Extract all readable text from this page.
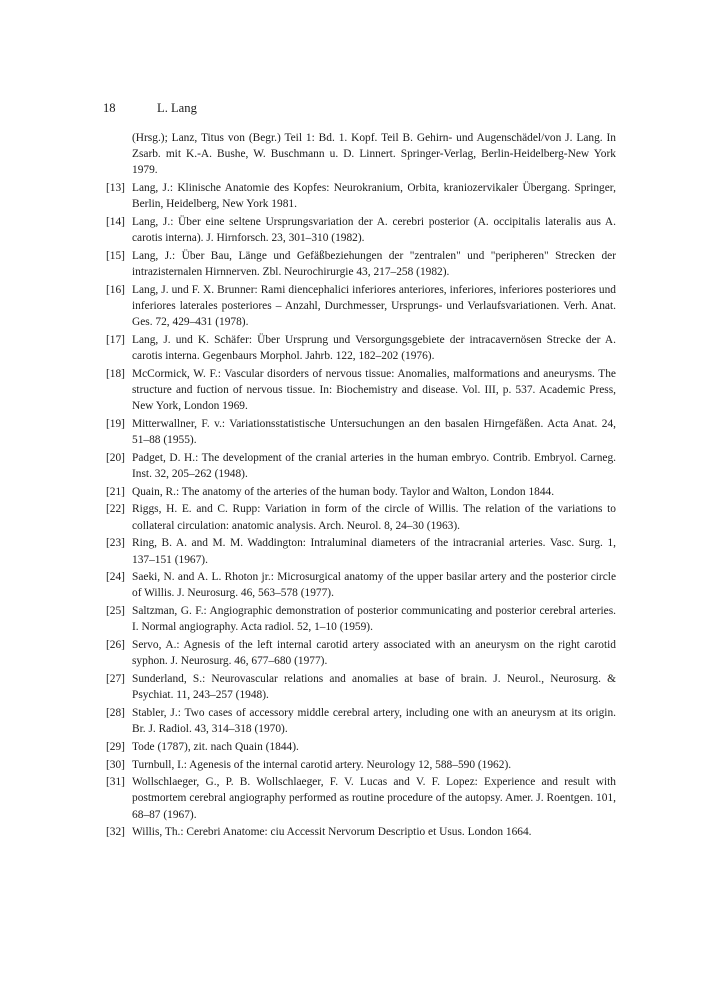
18	L. Lang
(Hrsg.); Lanz, Titus von (Begr.) Teil 1: Bd. 1. Kopf. Teil B. Gehirn- und Augenschädel/von J. Lang. In Zsarb. mit K.-A. Bushe, W. Buschmann u. D. Linnert. Springer-Verlag, Berlin-Heidelberg-New York 1979.
[13] Lang, J.: Klinische Anatomie des Kopfes: Neurokranium, Orbita, kraniozervikaler Übergang. Springer, Berlin, Heidelberg, New York 1981.
[14] Lang, J.: Über eine seltene Ursprungsvariation der A. cerebri posterior (A. occipitalis lateralis aus A. carotis interna). J. Hirnforsch. 23, 301–310 (1982).
[15] Lang, J.: Über Bau, Länge und Gefäßbeziehungen der "zentralen" und "peripheren" Strecken der intrazisternalen Hirnnerven. Zbl. Neurochirurgie 43, 217–258 (1982).
[16] Lang, J. und F. X. Brunner: Rami diencephalici inferiores anteriores, inferiores, inferiores posteriores und inferiores laterales posteriores – Anzahl, Durchmesser, Ursprungs- und Verlaufsvariationen. Verh. Anat. Ges. 72, 429–431 (1978).
[17] Lang, J. und K. Schäfer: Über Ursprung und Versorgungsgebiete der intracavernösen Strecke der A. carotis interna. Gegenbaurs Morphol. Jahrb. 122, 182–202 (1976).
[18] McCormick, W. F.: Vascular disorders of nervous tissue: Anomalies, malformations and aneurysms. The structure and fuction of nervous tissue. In: Biochemistry and disease. Vol. III, p. 537. Academic Press, New York, London 1969.
[19] Mitterwallner, F. v.: Variationsstatistische Untersuchungen an den basalen Hirngefäßen. Acta Anat. 24, 51–88 (1955).
[20] Padget, D. H.: The development of the cranial arteries in the human embryo. Contrib. Embryol. Carneg. Inst. 32, 205–262 (1948).
[21] Quain, R.: The anatomy of the arteries of the human body. Taylor and Walton, London 1844.
[22] Riggs, H. E. and C. Rupp: Variation in form of the circle of Willis. The relation of the variations to collateral circulation: anatomic analysis. Arch. Neurol. 8, 24–30 (1963).
[23] Ring, B. A. and M. M. Waddington: Intraluminal diameters of the intracranial arteries. Vasc. Surg. 1, 137–151 (1967).
[24] Saeki, N. and A. L. Rhoton jr.: Microsurgical anatomy of the upper basilar artery and the posterior circle of Willis. J. Neurosurg. 46, 563–578 (1977).
[25] Saltzman, G. F.: Angiographic demonstration of posterior communicating and posterior cerebral arteries. I. Normal angiography. Acta radiol. 52, 1–10 (1959).
[26] Servo, A.: Agnesis of the left internal carotid artery associated with an aneurysm on the right carotid syphon. J. Neurosurg. 46, 677–680 (1977).
[27] Sunderland, S.: Neurovascular relations and anomalies at base of brain. J. Neurol., Neurosurg. & Psychiat. 11, 243–257 (1948).
[28] Stabler, J.: Two cases of accessory middle cerebral artery, including one with an aneurysm at its origin. Br. J. Radiol. 43, 314–318 (1970).
[29] Tode (1787), zit. nach Quain (1844).
[30] Turnbull, I.: Agenesis of the internal carotid artery. Neurology 12, 588–590 (1962).
[31] Wollschlaeger, G., P. B. Wollschlaeger, F. V. Lucas and V. F. Lopez: Experience and result with postmortem cerebral angiography performed as routine procedure of the autopsy. Amer. J. Roentgen. 101, 68–87 (1967).
[32] Willis, Th.: Cerebri Anatome: ciu Accessit Nervorum Descriptio et Usus. London 1664.
